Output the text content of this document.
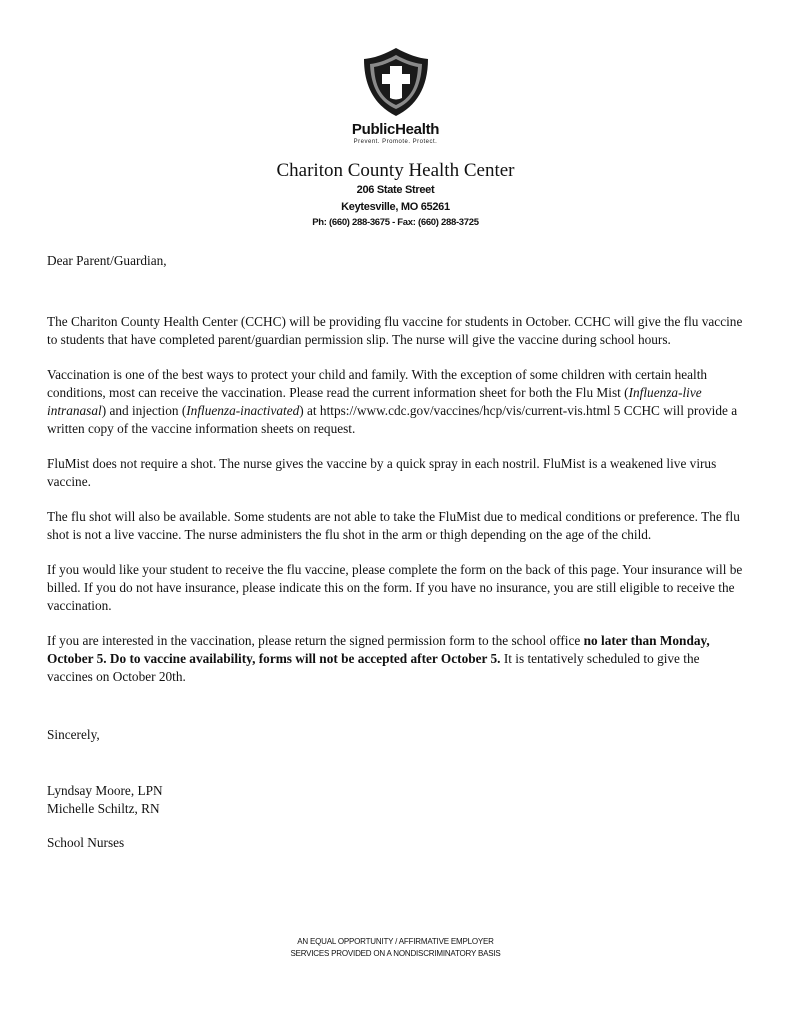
PublicHealth
Prevent. Promote. Protect.
Chariton County Health Center
206 State Street
Keytesville, MO 65261
Ph: (660) 288-3675 - Fax: (660) 288-3725

Dear Parent/Guardian,

The Chariton County Health Center (CCHC) will be providing flu vaccine for students in October. CCHC will give the flu vaccine to students that have completed parent/guardian permission slip. The nurse will give the vaccine during school hours.

Vaccination is one of the best ways to protect your child and family. With the exception of some children with certain health conditions, most can receive the vaccination. Please read the current information sheet for both the Flu Mist (Influenza-live intranasal) and injection (Influenza-inactivated) at https://www.cdc.gov/vaccines/hcp/vis/current-vis.html 5 CCHC will provide a written copy of the vaccine information sheets on request.

FluMist does not require a shot. The nurse gives the vaccine by a quick spray in each nostril. FluMist is a weakened live virus vaccine.

The flu shot will also be available. Some students are not able to take the FluMist due to medical conditions or preference. The flu shot is not a live vaccine. The nurse administers the flu shot in the arm or thigh depending on the age of the child.

If you would like your student to receive the flu vaccine, please complete the form on the back of this page. Your insurance will be billed. If you do not have insurance, please indicate this on the form. If you have no insurance, you are still eligible to receive the vaccination.

If you are interested in the vaccination, please return the signed permission form to the school office no later than Monday, October 5. Do to vaccine availability, forms will not be accepted after October 5. It is tentatively scheduled to give the vaccines on October 20th.

Sincerely,

Lyndsay Moore, LPN

Michelle Schiltz, RN

School Nurses

AN EQUAL OPPORTUNITY / AFFIRMATIVE EMPLOYER
SERVICES PROVIDED ON A NONDISCRIMINATORY BASIS
